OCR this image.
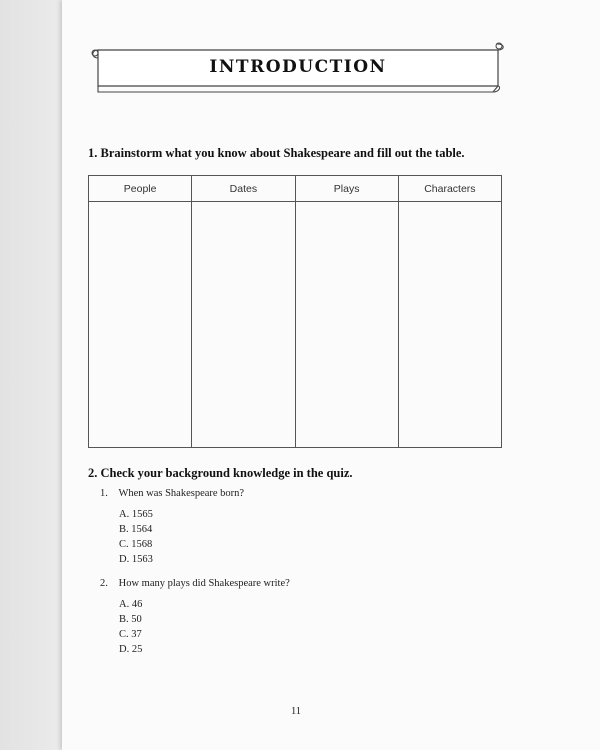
INTRODUCTION
1. Brainstorm what you know about Shakespeare and fill out the table.
People	Dates	Plays	Characters

2. Check your background knowledge in the quiz.
1. When was Shakespeare born?
A. 1565
B. 1564
C. 1568
D. 1563
2. How many plays did Shakespeare write?
A. 46
B. 50
C. 37
D. 25
11
